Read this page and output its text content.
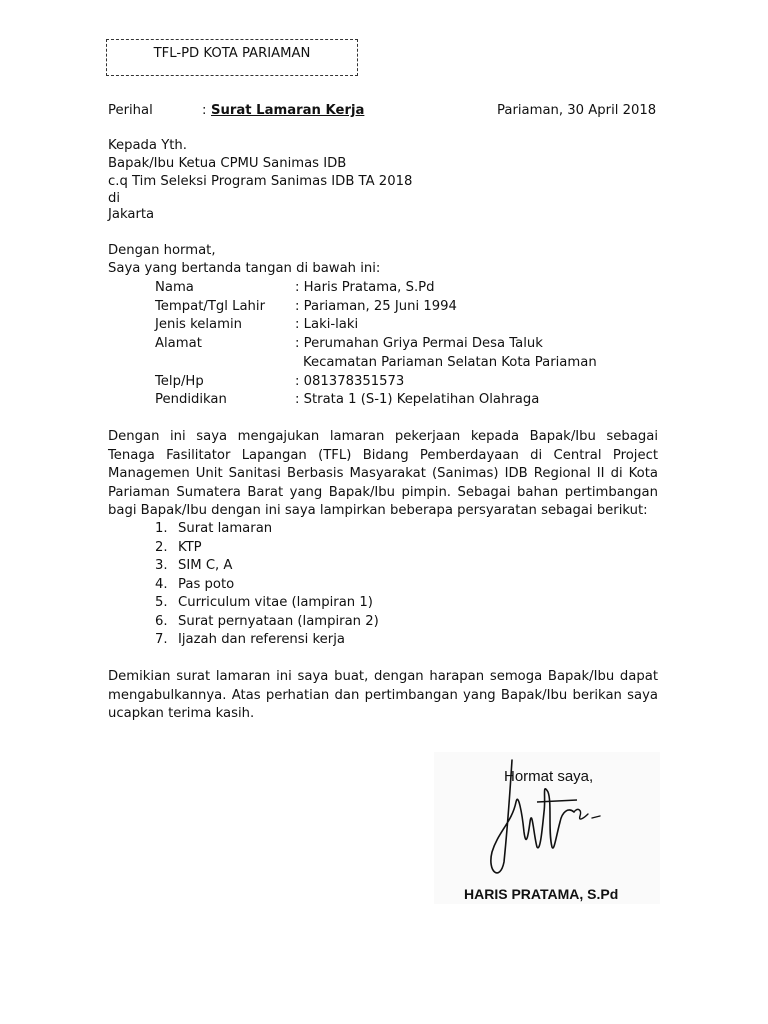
TFL-PD KOTA PARIAMAN
Perihal	: Surat Lamaran Kerja	Pariaman, 30 April 2018
Kepada Yth.
Bapak/Ibu Ketua CPMU Sanimas IDB
c.q Tim Seleksi Program Sanimas IDB TA 2018
di
Jakarta
Dengan hormat,
Saya yang bertanda tangan di bawah ini:
Nama	: Haris Pratama, S.Pd
Tempat/Tgl Lahir : Pariaman, 25 Juni 1994
Jenis kelamin	: Laki-laki
Alamat	: Perumahan Griya Permai Desa Taluk
Kecamatan Pariaman Selatan Kota Pariaman
Telp/Hp	: 081378351573
Pendidikan	: Strata 1 (S-1) Kepelatihan Olahraga

Dengan ini saya mengajukan lamaran pekerjaan kepada Bapak/Ibu sebagai Tenaga Fasilitator Lapangan (TFL) Bidang Pemberdayaan di Central Project Managemen Unit Sanitasi Berbasis Masyarakat (Sanimas) IDB Regional II di Kota Pariaman Sumatera Barat yang Bapak/Ibu pimpin. Sebagai bahan pertimbangan bagi Bapak/Ibu dengan ini saya lampirkan beberapa persyaratan sebagai berikut:

1. Surat lamaran
2. KTP
3. SIM C, A
4. Pas poto
5. Curriculum vitae (lampiran 1)
6. Surat pernyataan (lampiran 2)
7. Ijazah dan referensi kerja

Demikian surat lamaran ini saya buat, dengan harapan semoga Bapak/Ibu dapat mengabulkannya. Atas perhatian dan pertimbangan yang Bapak/Ibu berikan saya ucapkan terima kasih.

Hormat saya,
HARIS PRATAMA, S.Pd
